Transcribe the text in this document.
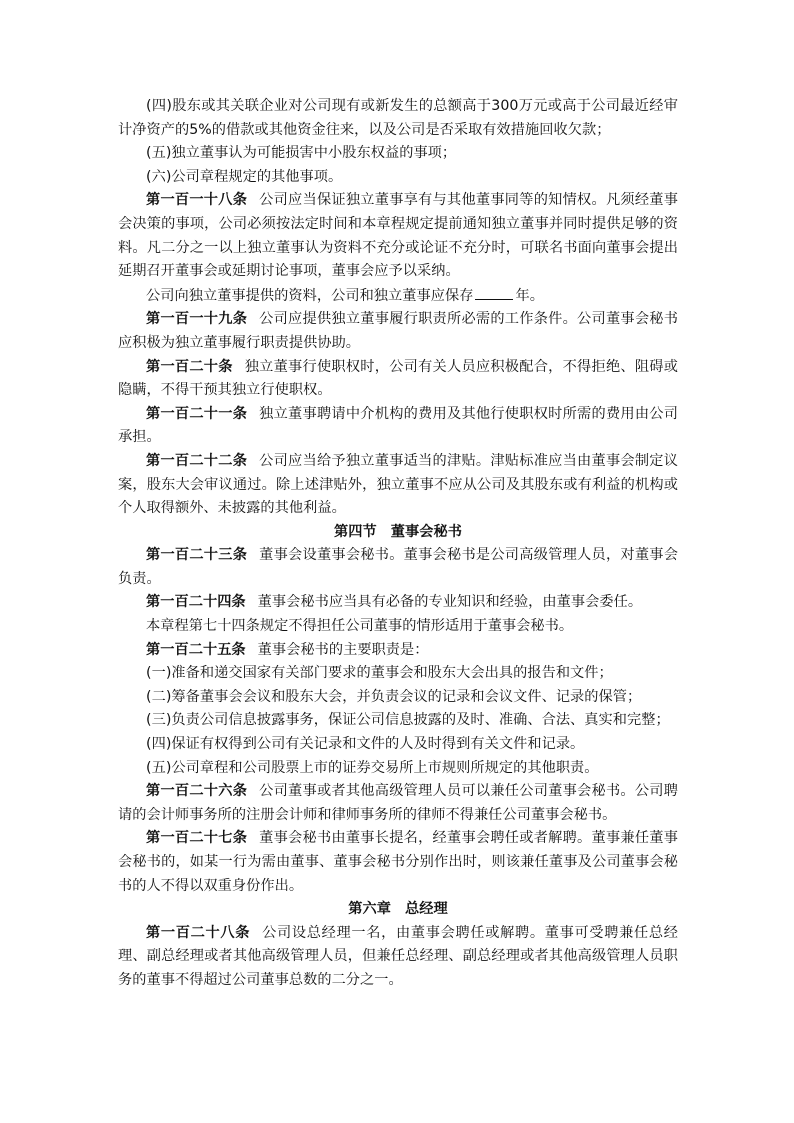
(四)股东或其关联企业对公司现有或新发生的总额高于300万元或高于公司最近经审计净资产的5%的借款或其他资金往来，以及公司是否采取有效措施回收欠款；

(五)独立董事认为可能损害中小股东权益的事项；

(六)公司章程规定的其他事项。

第一百一十八条 公司应当保证独立董事享有与其他董事同等的知情权。凡须经董事会决策的事项，公司必须按法定时间和本章程规定提前通知独立董事并同时提供足够的资料。凡二分之一以上独立董事认为资料不充分或论证不充分时，可联名书面向董事会提出延期召开董事会或延期讨论事项，董事会应予以采纳。

公司向独立董事提供的资料，公司和独立董事应保存	年。

第一百一十九条 公司应提供独立董事履行职责所必需的工作条件。公司董事会秘书应积极为独立董事履行职责提供协助。

第一百二十条 独立董事行使职权时，公司有关人员应积极配合，不得拒绝、阻碍或隐瞒，不得干预其独立行使职权。

第一百二十一条 独立董事聘请中介机构的费用及其他行使职权时所需的费用由公司承担。

第一百二十二条 公司应当给予独立董事适当的津贴。津贴标准应当由董事会制定议案，股东大会审议通过。除上述津贴外，独立董事不应从公司及其股东或有利益的机构或个人取得额外、未披露的其他利益。

第四节 董事会秘书

第一百二十三条 董事会设董事会秘书。董事会秘书是公司高级管理人员，对董事会负责。

第一百二十四条 董事会秘书应当具有必备的专业知识和经验，由董事会委任。

本章程第七十四条规定不得担任公司董事的情形适用于董事会秘书。

第一百二十五条 董事会秘书的主要职责是：

(一)准备和递交国家有关部门要求的董事会和股东大会出具的报告和文件；

(二)筹备董事会会议和股东大会，并负责会议的记录和会议文件、记录的保管；

(三)负责公司信息披露事务，保证公司信息披露的及时、准确、合法、真实和完整；

(四)保证有权得到公司有关记录和文件的人及时得到有关文件和记录。

(五)公司章程和公司股票上市的证券交易所上市规则所规定的其他职责。

第一百二十六条 公司董事或者其他高级管理人员可以兼任公司董事会秘书。公司聘请的会计师事务所的注册会计师和律师事务所的律师不得兼任公司董事会秘书。

第一百二十七条 董事会秘书由董事长提名，经董事会聘任或者解聘。董事兼任董事会秘书的，如某一行为需由董事、董事会秘书分别作出时，则该兼任董事及公司董事会秘书的人不得以双重身份作出。

第六章 总经理

第一百二十八条 公司设总经理一名，由董事会聘任或解聘。董事可受聘兼任总经理、副总经理或者其他高级管理人员，但兼任总经理、副总经理或者其他高级管理人员职务的董事不得超过公司董事总数的二分之一。
